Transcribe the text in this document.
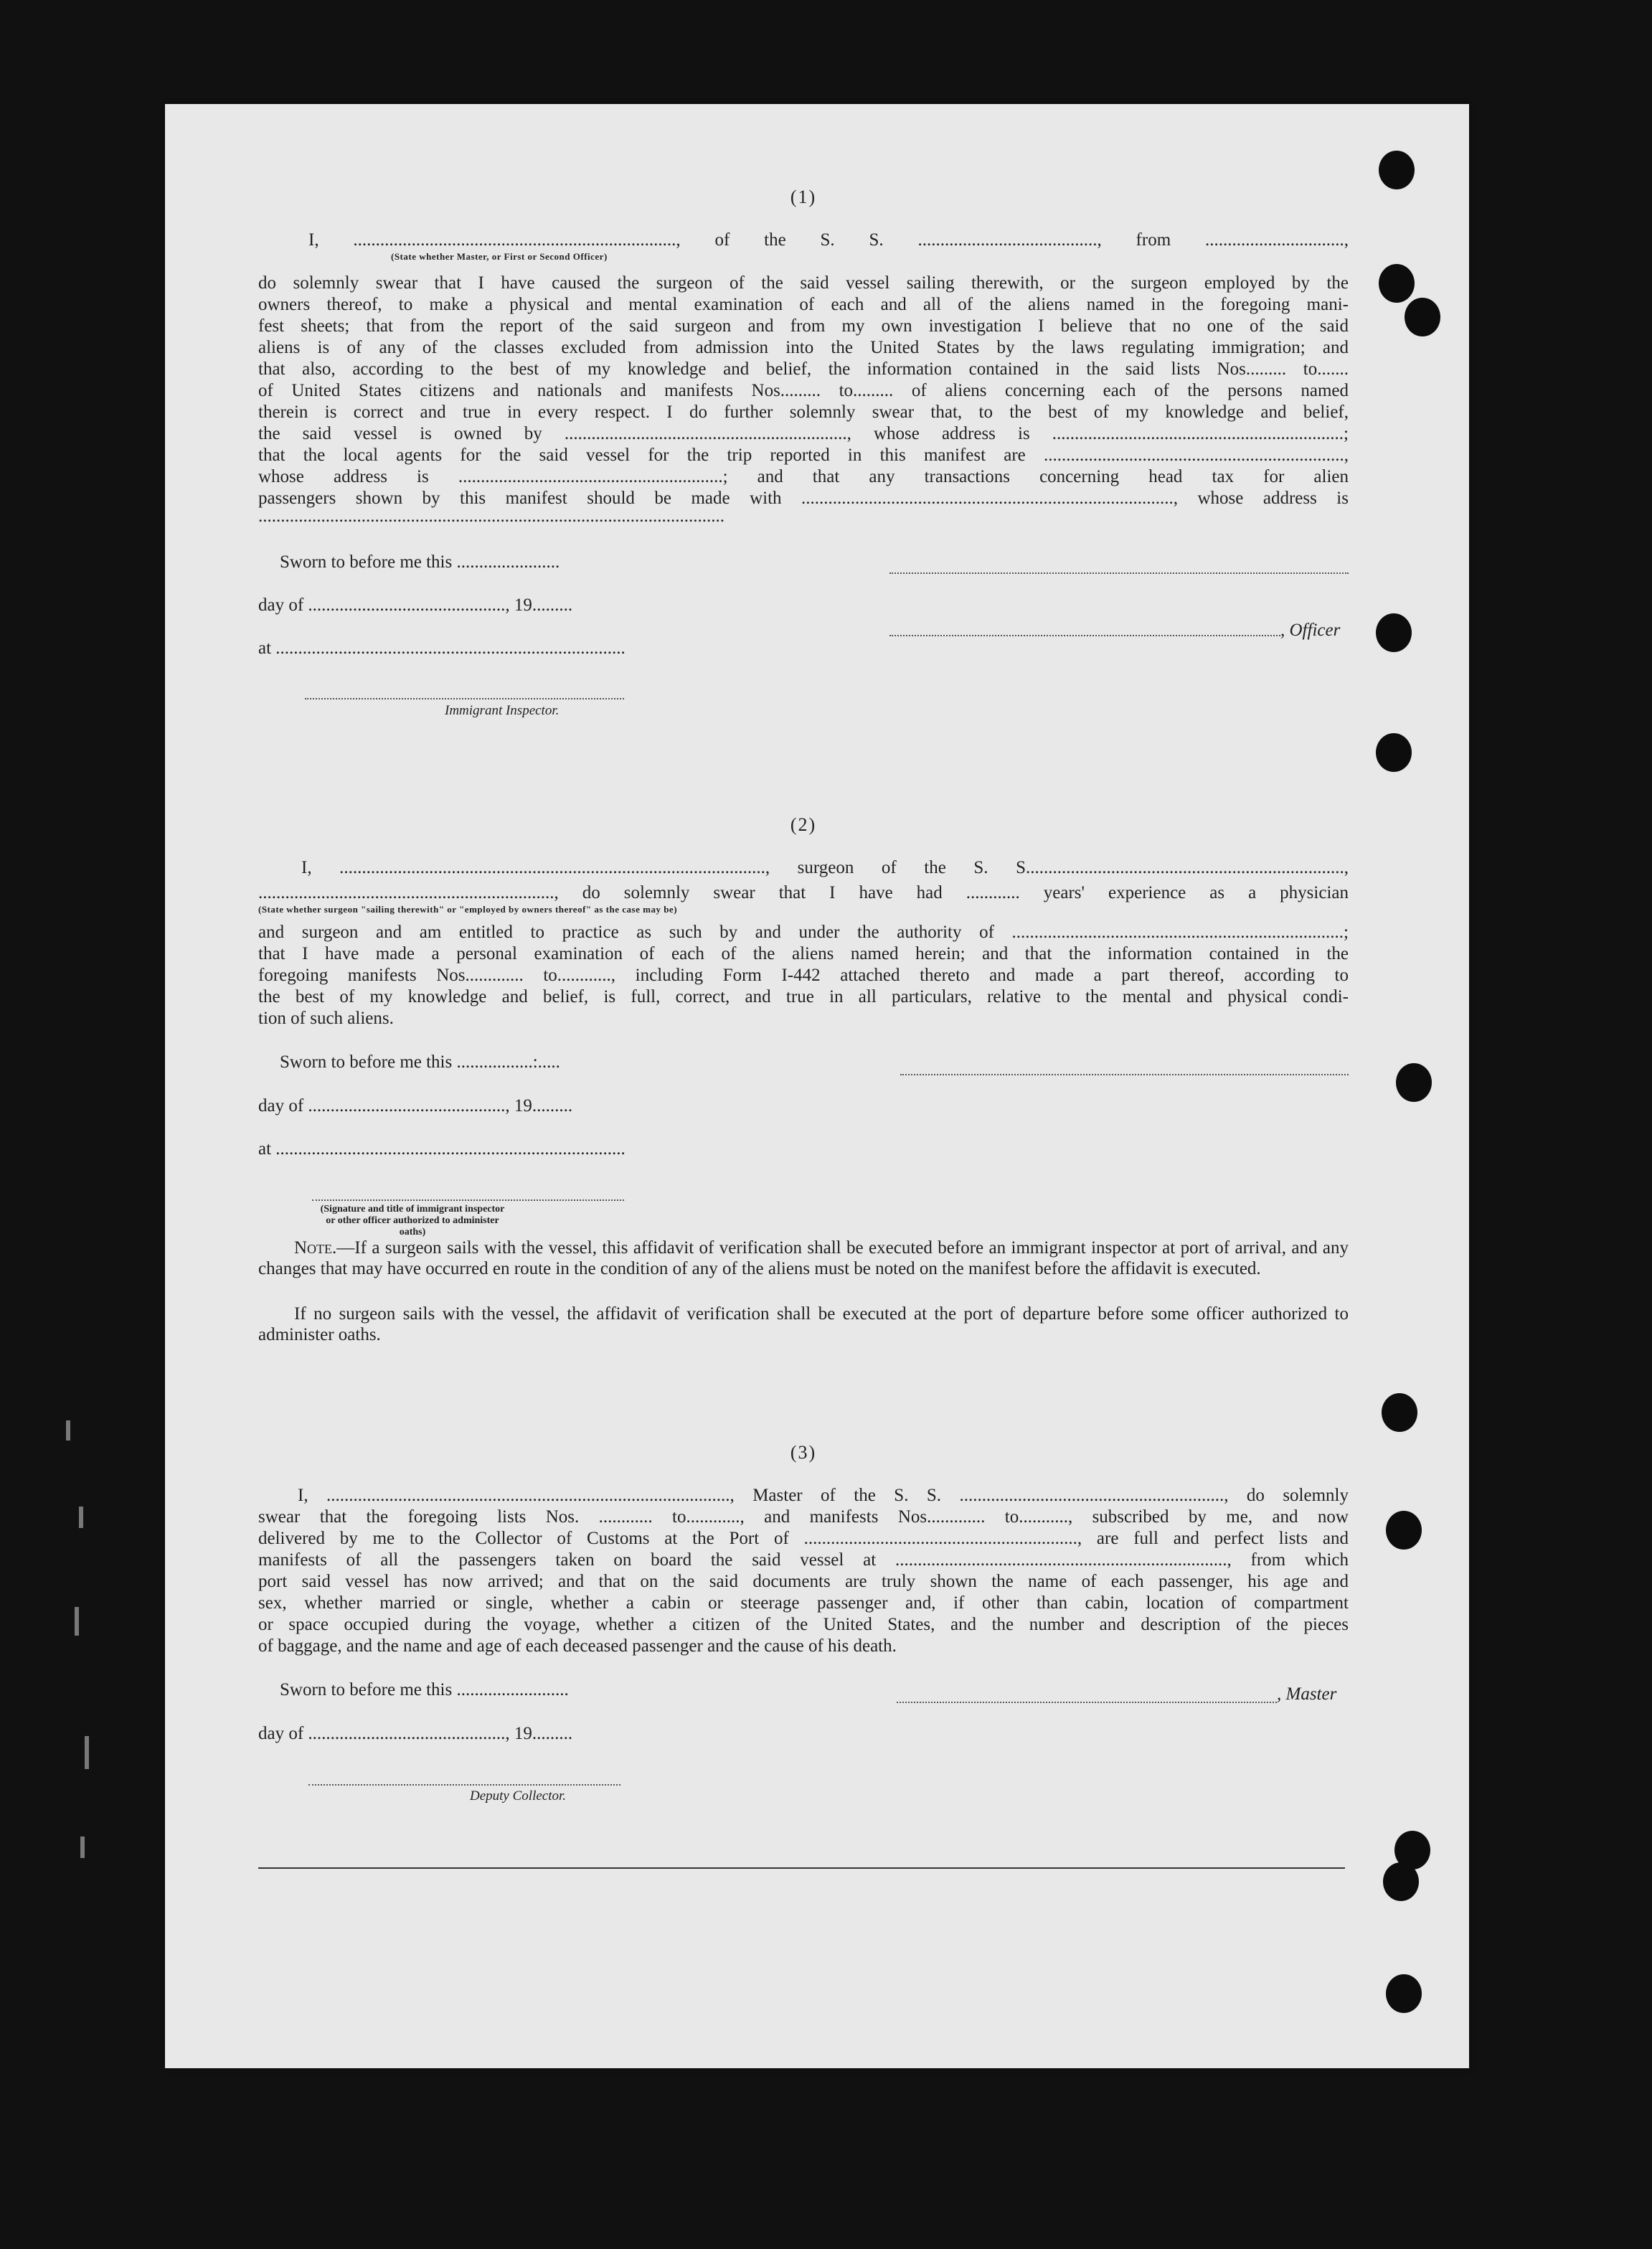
(1)
I, ........................................................................, of the S. S. ........................................, from ...............................,
(State whether Master, or First or Second Officer)
do solemnly swear that I have caused the surgeon of the said vessel sailing therewith, or the surgeon employed by the
owners thereof, to make a physical and mental examination of each and all of the aliens named in the foregoing mani-
fest sheets; that from the report of the said surgeon and from my own investigation I believe that no one of the said
aliens is of any of the classes excluded from admission into the United States by the laws regulating immigration; and
that also, according to the best of my knowledge and belief, the information contained in the said lists Nos......... to.......
of United States citizens and nationals and manifests Nos......... to......... of aliens concerning each of the persons named
therein is correct and true in every respect. I do further solemnly swear that, to the best of my knowledge and belief,
the said vessel is owned by ..............................................................., whose address is .................................................................;
that the local agents for the said vessel for the trip reported in this manifest are ...................................................................,
whose address is ...........................................................; and that any transactions concerning head tax for alien
passengers shown by this manifest should be made with ..................................................................................., whose address is
........................................................................................................
Sworn to before me this .......................
day of ............................................, 19.........
, Officer
at ..............................................................................
Immigrant Inspector.
(2)
I, ..............................................................................................., surgeon of the S. S.......................................................................,
.................................................................., do solemnly swear that I have had ............ years' experience as a physician
(State whether surgeon "sailing therewith" or "employed by owners thereof" as the case may be)
and surgeon and am entitled to practice as such by and under the authority of ..........................................................................;
that I have made a personal examination of each of the aliens named herein; and that the information contained in the
foregoing manifests Nos............. to............, including Form I-442 attached thereto and made a part thereof, according to
the best of my knowledge and belief, is full, correct, and true in all particulars, relative to the mental and physical condi-
tion of such aliens.
Sworn to before me this .................:.....
day of ............................................, 19.........
at ..............................................................................
(Signature and title of immigrant inspector or other officer authorized to administer oaths)
Note.—If a surgeon sails with the vessel, this affidavit of verification shall be executed before an immigrant inspector at port of arrival, and any changes that may have occurred en route in the condition of any of the aliens must be noted on the manifest before the affidavit is executed.
If no surgeon sails with the vessel, the affidavit of verification shall be executed at the port of departure before some officer authorized to administer oaths.
(3)
I, .........................................................................................., Master of the S. S. ..........................................................., do solemnly
swear that the foregoing lists Nos. ............ to............, and manifests Nos............. to..........., subscribed by me, and now
delivered by me to the Collector of Customs at the Port of ............................................................., are full and perfect lists and
manifests of all the passengers taken on board the said vessel at .........................................................................., from which
port said vessel has now arrived; and that on the said documents are truly shown the name of each passenger, his age and
sex, whether married or single, whether a cabin or steerage passenger and, if other than cabin, location of compartment
or space occupied during the voyage, whether a citizen of the United States, and the number and description of the pieces
of baggage, and the name and age of each deceased passenger and the cause of his death.
Sworn to before me this .........................	, Master
day of ............................................, 19.........
Deputy Collector.
